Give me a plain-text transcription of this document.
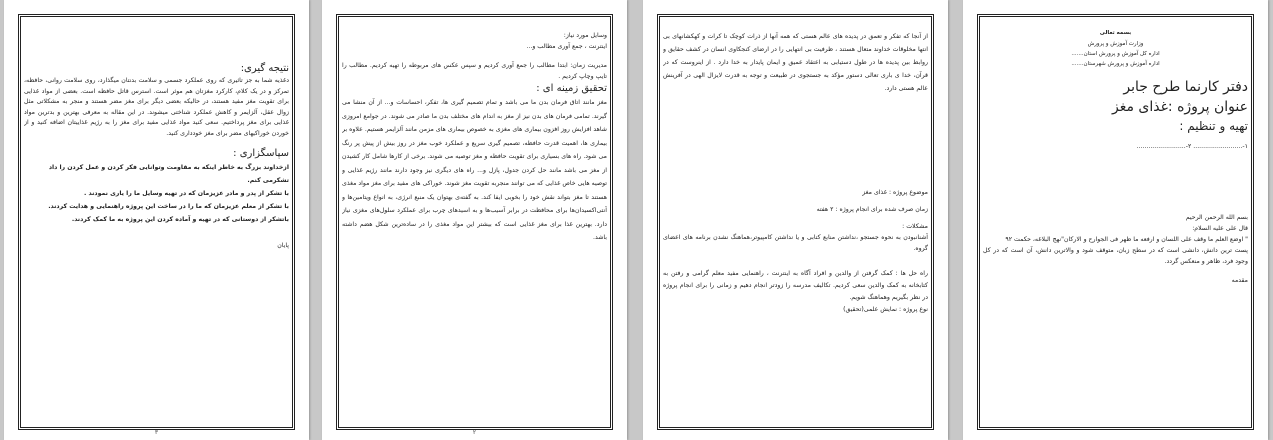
نتیجه گیری:
دغذیه شما به جز تاثیری که روی عملکرد جسمی و سلامت بدنتان میگذارد، روی سلامت روانی، حافظه، تمرکز و در یک کلام، کارکرد مغزتان هم موثر است. استرس قاتل حافظه است. بعضی از مواد غذایی برای تقویت مغز مفید هستند، در حالیکه بعضی دیگر برای مغز مضر هستند و منجر به مشکلاتی مثل زوال عقل، آلزایمر و کاهش عملکرد شناختی میشوند. در این مقاله به معرفی بهترین و بدترین مواد غذایی برای مغز پرداختیم. سعی کنید مواد غذایی مفید برای مغز را به رژیم غذاییتان اضافه کنید و از خوردن خوراکیهای مضر برای مغز خودداری کنید.
سپاسگزاری :
ازخداوند بزرگ به خاطر اینکه به مقاومت وتوانایی فکر کردن و عمل کردن را داد تشکرمی کنم.
با تشکر از پدر و مادر عزیزمان که در تهیه وسایل ما را یاری نمودند .
با تشکر از معلم عزیزمان که ما را در ساخت این پروژه راهنمایی و هدایت کردند.
باتشکر از دوستانی که در تهیه و آماده کردن این پروژه به ما کمک کردند.
پایان
۳
وسایل مورد نیاز:
اینترنت ، جمع آوری مطالب و...
مدیریت زمان: ابتدا مطالب را جمع آوری کردیم و سپس عکس های مربوطه را تهیه کردیم. مطالب را تایپ وچاپ کردیم .
تحقیق زمینه ای :
مغز مانند اتاق فرمان بدن ما می باشد و تمام تصمیم گیری ها، تفکر، احساسات و... از آن منشا می گیرند. تمامی فرمان های بدن نیز از مغز به اندام های مختلف بدن ما صادر می شوند. در جوامع امروزی شاهد افزایش روز افزون بیماری های مغزی به خصوص بیماری های مزمن مانند آلزایمر هستیم. علاوه بر بیماری ها، اهمیت قدرت حافظه، تصمیم گیری سریع و عملکرد خوب مغز در روز بیش از پیش پر رنگ می شود. راه های بسیاری برای تقویت حافظه و مغز توصیه می شوند. برخی از کارها شامل کار کشیدن از مغز می باشد مانند حل کردن جدول، پازل و... راه های دیگری نیز وجود دارند مانند رژیم غذایی و توصیه هایی خاص غذایی که می توانند منجربه تقویت مغز شوند. خوراکی های مفید برای مغز مواد مغذی هستند تا مغز بتواند نقش خود را بخوبی ایفا کند. به گفته‌ی بهتوان یک منبع انرژی، به انواع ویتامین‌ها و آنتی‌اکسیدان‌ها برای محافظت در برابر آسیب‌ها و به اسیدهای چرب برای عملکرد سلول‌های مغزی نیاز دارد. بهترین غذا برای مغز غذایی است که بیشتر این مواد مغذی را در ساده‌ترین شکل هضم داشته باشد.
۲
از آنجا که تفکر و تعمق در پدیده های عالم هستی که همه آنها از ذرات کوچک تا کرات و کهکشانهای بی انتها مخلوقات خداوند متعال هستند ، ظرفیت بی انتهایی را در ارضای کنجکاوی انسان در کشف حقایق و روابط بین پدیده ها در طول دستیابی به اعتقاد عمیق و ایمان پایدار به خدا دارد . از اینروست که در قرآن، خدا ی باری تعالی دستور مؤکد به جستجوی در طبیعت و توجه به قدرت لایزال الهی در آفرینش عالم هستی دارد.
موضوع پروژه : غذای مغز
زمان صرف شده برای انجام پروژه : ۲ هفته
مشکلات :
آشنانبودن به نحوه جستجو ،نداشتن منابع کتابی و یا نداشتن کامپیوتر،هماهنگ نشدن برنامه های اعضای گروه.
راه حل ها : کمک گرفتن از والدین و افراد آگاه به اینترنت ، راهنمایی مفید معلم گرامی و رفتن به کتابخانه به کمک والدین سعی کردیم. تکالیف مدرسه را زودتر انجام دهیم و زمانی را برای انجام پروژه در نظر بگیریم وهماهنگ شویم.
نوع پروژه : نمایش علمی(تحقیق)
بسمه تعالی
وزارت آموزش و پرورش
اداره کل آموزش و پرورش استان.......
اداره آموزش و پرورش شهرستان.......
دفتر کارنما طرح جابر
عنوان پروژه :غذای مغز
تهیه و تنظیم :
۱-......................... ۲-.........................
بسم الله الرحمن الرحیم
قال علی علیه السلام:
" اوضع العلم ما وقف على اللسان و ارفعه ما ظهر فی الجوارح و الارکان"نهج البلاغه، حکمت ۹۲
پست ترین دانش، دانشی است که در سطح زبان، متوقف شود و والاترین دانش، آن است که در کل وجود فرد، ظاهر و منعکس گردد.
مقدمه
